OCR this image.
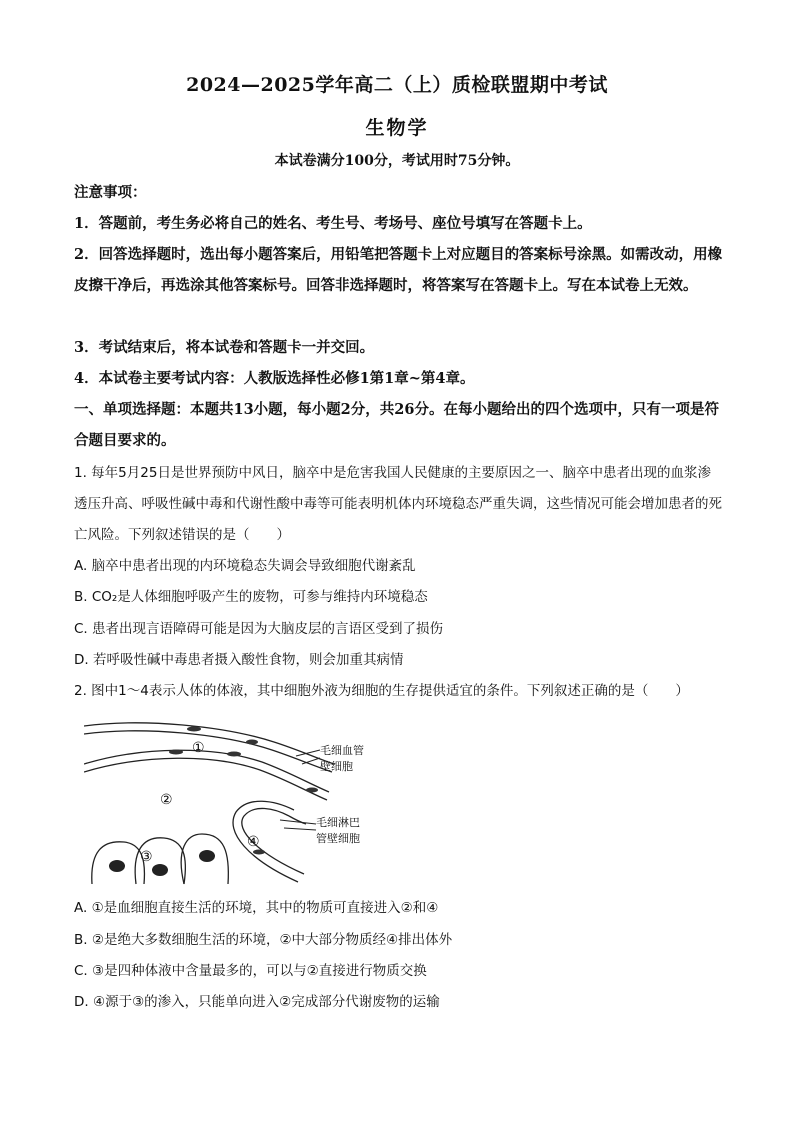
2024—2025学年高二（上）质检联盟期中考试
生物学
本试卷满分100分，考试用时75分钟。
注意事项：
1．答题前，考生务必将自己的姓名、考生号、考场号、座位号填写在答题卡上。
2．回答选择题时，选出每小题答案后，用铅笔把答题卡上对应题目的答案标号涂黑。如需改动，用橡皮擦干净后，再选涂其他答案标号。回答非选择题时，将答案写在答题卡上。写在本试卷上无效。
3．考试结束后，将本试卷和答题卡一并交回。
4．本试卷主要考试内容：人教版选择性必修1第1章~第4章。
一、单项选择题：本题共13小题，每小题2分，共26分。在每小题给出的四个选项中，只有一项是符合题目要求的。
1. 每年5月25日是世界预防中风日，脑卒中是危害我国人民健康的主要原因之一、脑卒中患者出现的血浆渗透压升高、呼吸性碱中毒和代谢性酸中毒等可能表明机体内环境稳态严重失调，这些情况可能会增加患者的死亡风险。下列叙述错误的是（　　）
A. 脑卒中患者出现的内环境稳态失调会导致细胞代谢紊乱
B. CO₂是人体细胞呼吸产生的废物，可参与维持内环境稳态
C. 患者出现言语障碍可能是因为大脑皮层的言语区受到了损伤
D. 若呼吸性碱中毒患者摄入酸性食物，则会加重其病情
2. 图中1～4表示人体的体液，其中细胞外液为细胞的生存提供适宜的条件。下列叙述正确的是（　　）
①
②
③
④
毛细血管
壁细胞
毛细淋巴
管壁细胞
A. ①是血细胞直接生活的环境，其中的物质可直接进入②和④
B. ②是绝大多数细胞生活的环境，②中大部分物质经④排出体外
C. ③是四种体液中含量最多的，可以与②直接进行物质交换
D. ④源于③的渗入，只能单向进入②完成部分代谢废物的运输
